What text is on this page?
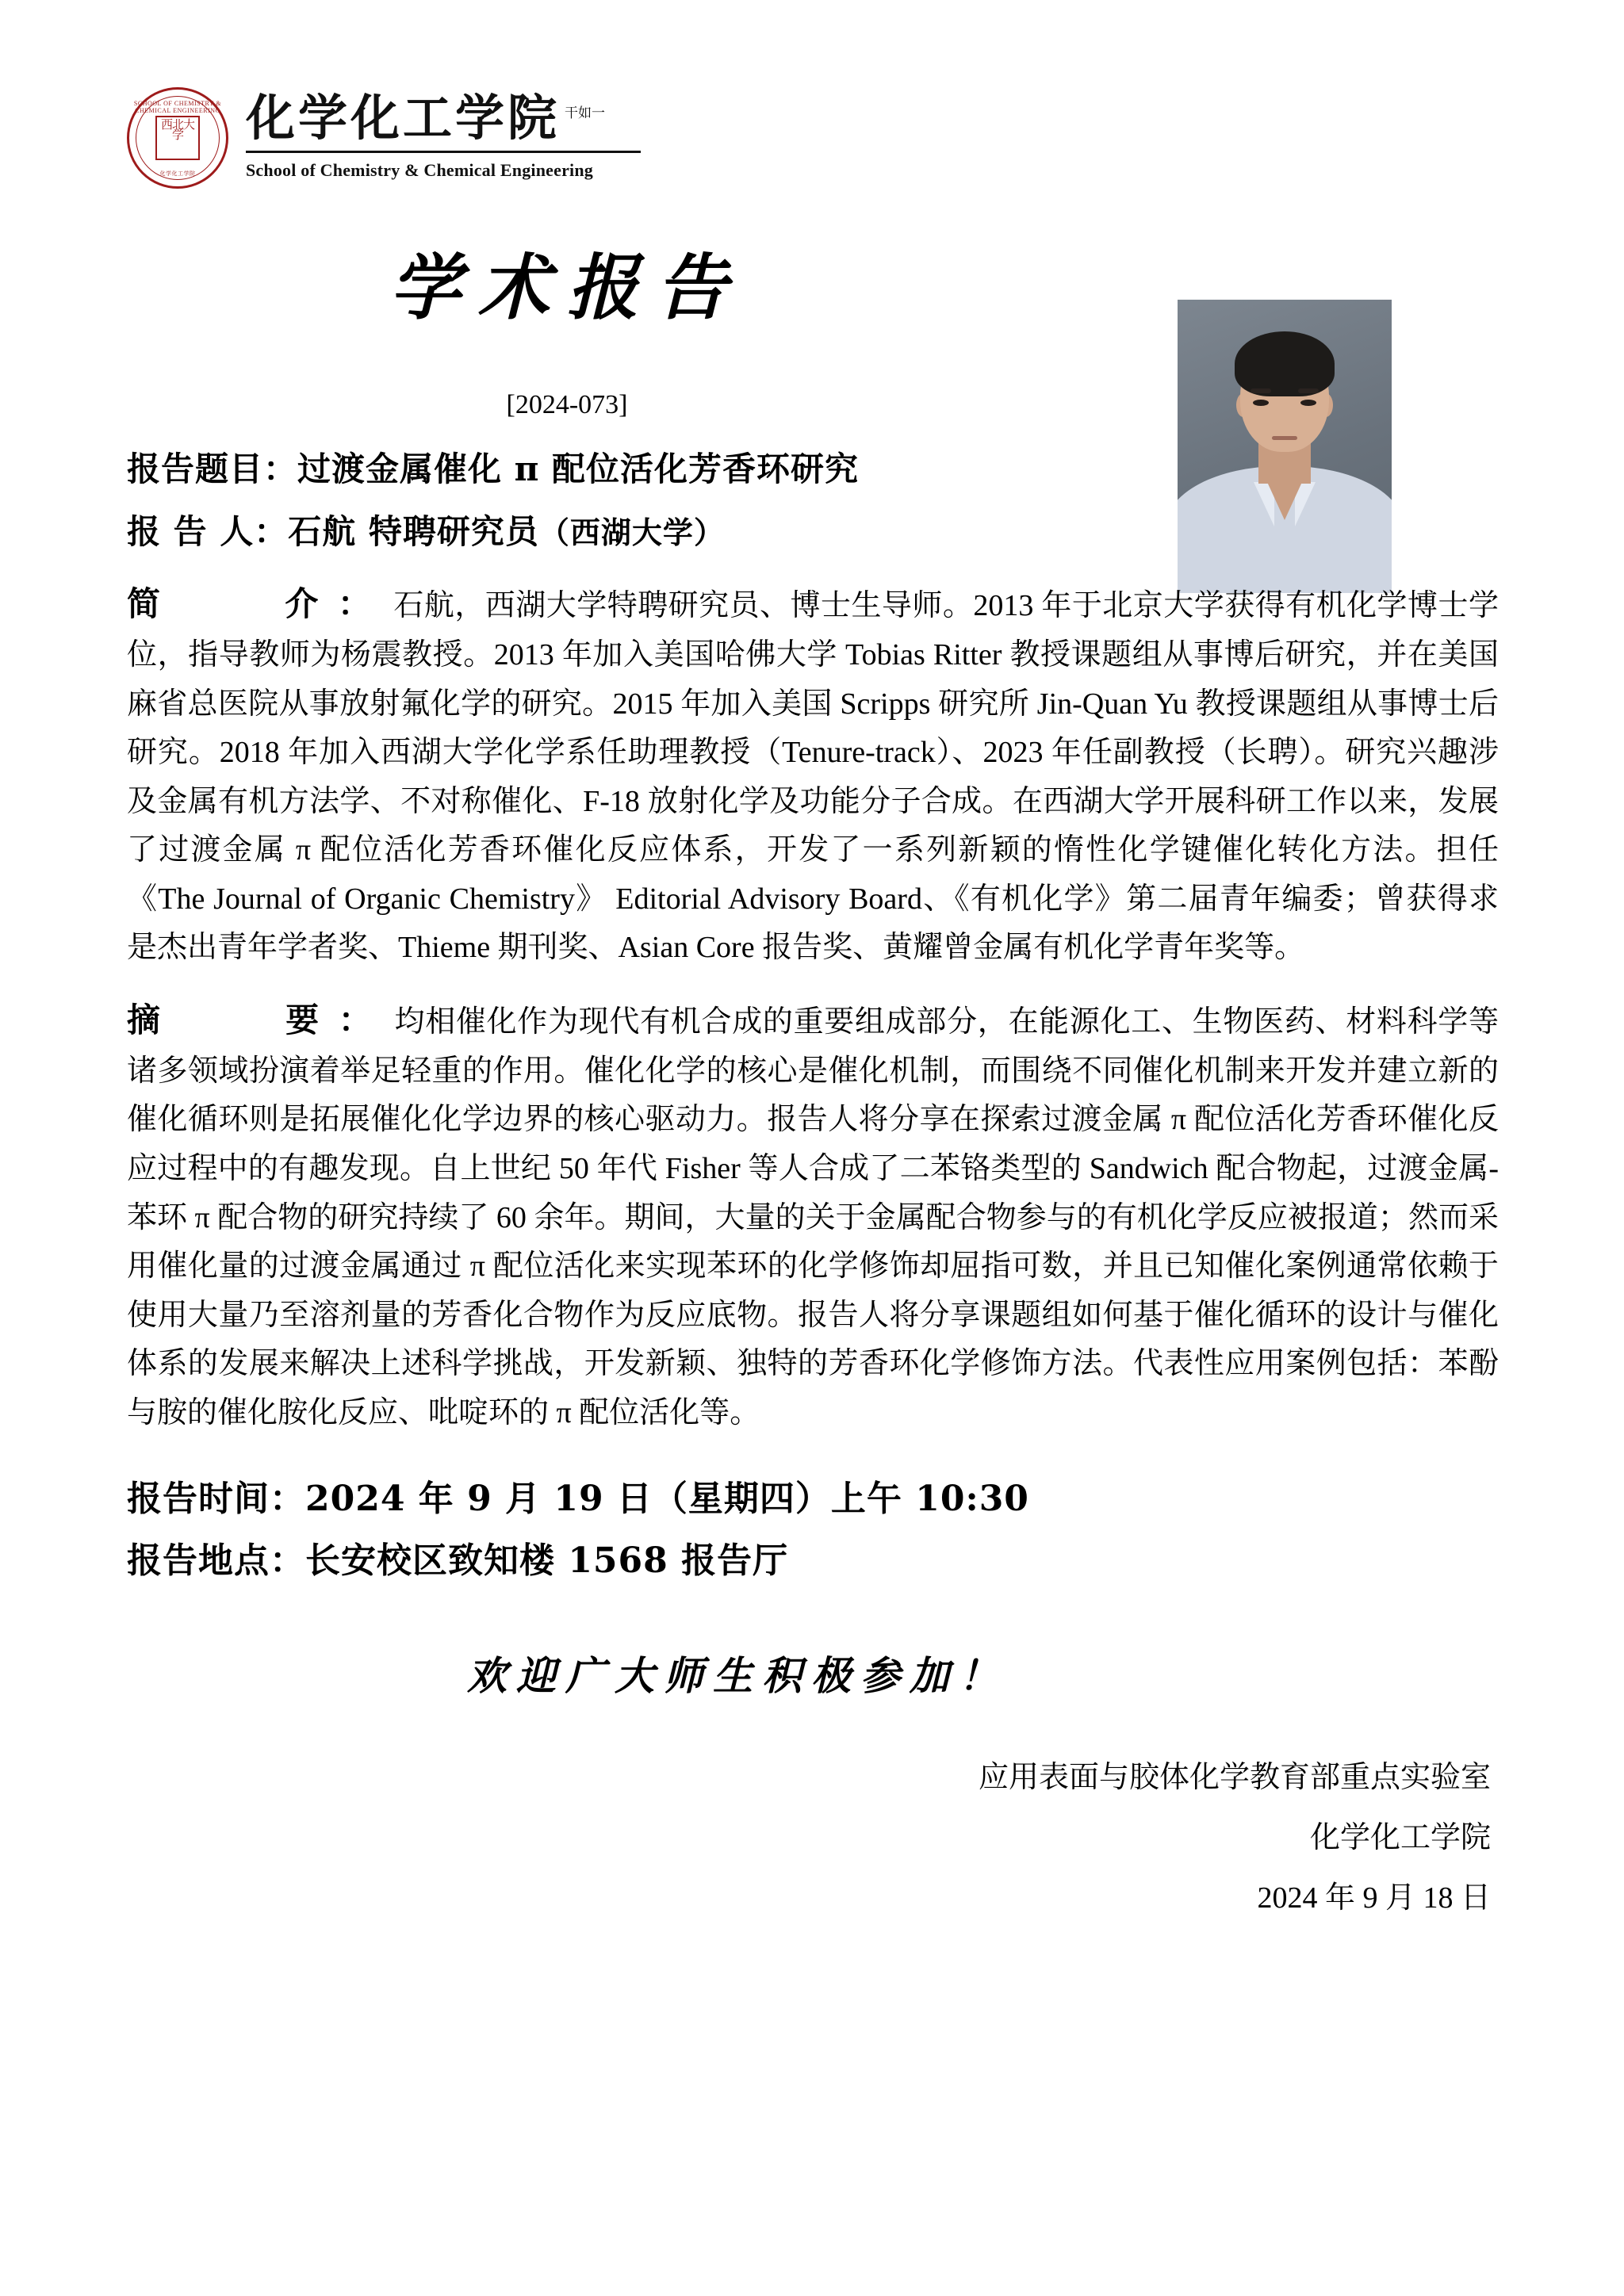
SCHOOL OF CHEMISTRY & CHEMICAL ENGINEERING
西北大学
化学化工学院
化学化工学院 $^{干如一}$
School of Chemistry & Chemical Engineering
学术报告
[2024-073]
报告题目：过渡金属催化 π 配位活化芳香环研究
报 告 人：石航 特聘研究员（西湖大学）
简　　介： 石航，西湖大学特聘研究员、博士生导师。2013 年于北京大学获得有机化学博士学位，指导教师为杨震教授。2013 年加入美国哈佛大学 Tobias Ritter 教授课题组从事博后研究，并在美国麻省总医院从事放射氟化学的研究。2015 年加入美国 Scripps 研究所 Jin-Quan Yu 教授课题组从事博士后研究。2018 年加入西湖大学化学系任助理教授（Tenure-track）、2023 年任副教授（长聘）。研究兴趣涉及金属有机方法学、不对称催化、F-18 放射化学及功能分子合成。在西湖大学开展科研工作以来，发展了过渡金属 π 配位活化芳香环催化反应体系，开发了一系列新颖的惰性化学键催化转化方法。担任《The Journal of Organic Chemistry》 Editorial Advisory Board、《有机化学》第二届青年编委；曾获得求是杰出青年学者奖、Thieme 期刊奖、Asian Core 报告奖、黄耀曾金属有机化学青年奖等。
摘　　要： 均相催化作为现代有机合成的重要组成部分，在能源化工、生物医药、材料科学等诸多领域扮演着举足轻重的作用。催化化学的核心是催化机制，而围绕不同催化机制来开发并建立新的催化循环则是拓展催化化学边界的核心驱动力。报告人将分享在探索过渡金属 π 配位活化芳香环催化反应过程中的有趣发现。自上世纪 50 年代 Fisher 等人合成了二苯铬类型的 Sandwich 配合物起，过渡金属-苯环 π 配合物的研究持续了 60 余年。期间，大量的关于金属配合物参与的有机化学反应被报道；然而采用催化量的过渡金属通过 π 配位活化来实现苯环的化学修饰却屈指可数，并且已知催化案例通常依赖于使用大量乃至溶剂量的芳香化合物作为反应底物。报告人将分享课题组如何基于催化循环的设计与催化体系的发展来解决上述科学挑战，开发新颖、独特的芳香环化学修饰方法。代表性应用案例包括：苯酚与胺的催化胺化反应、吡啶环的 π 配位活化等。
报告时间：2024 年 9 月 19 日（星期四）上午 10:30
报告地点：长安校区致知楼 1568 报告厅
欢迎广大师生积极参加！
应用表面与胶体化学教育部重点实验室
化学化工学院
2024 年 9 月 18 日
